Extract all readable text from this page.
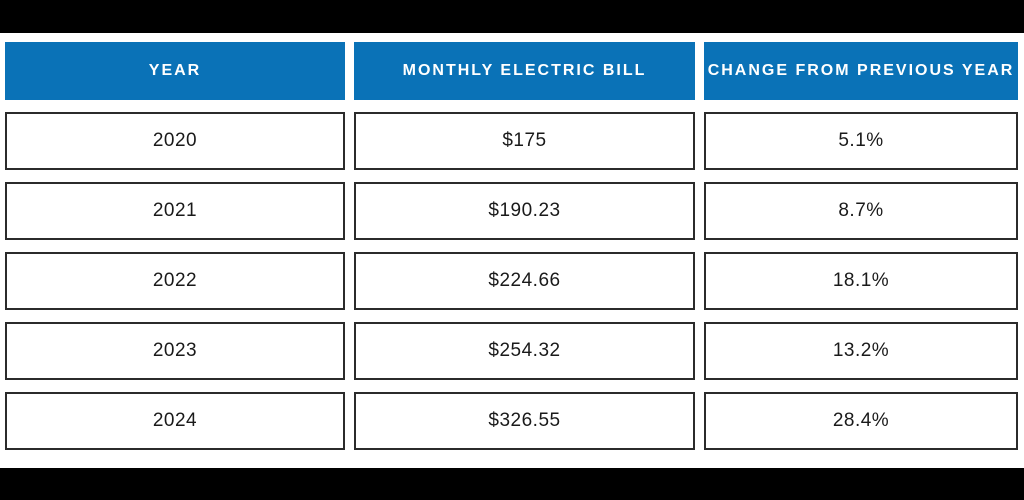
YEAR	MONTHLY ELECTRIC BILL	CHANGE FROM PREVIOUS YEAR
2020	$175	5.1%
2021	$190.23	8.7%
2022	$224.66	18.1%
2023	$254.32	13.2%
2024	$326.55	28.4%
